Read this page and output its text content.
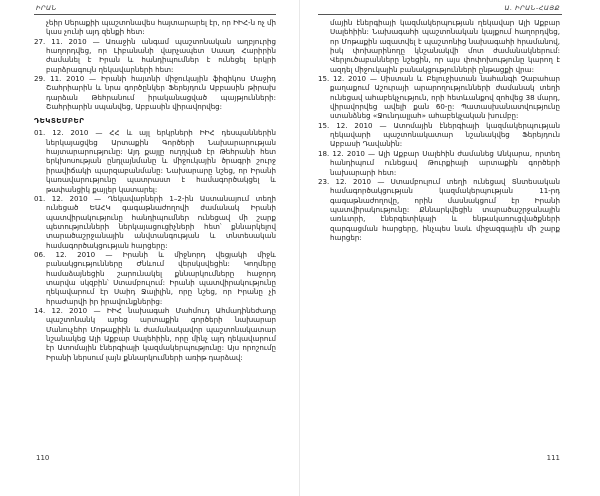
ԻՐԱՆ

չեիր Սերաքիի պաշտոնավես հայտարարել էր, որ ԻԻՀ-ն ոչ մի կաս չունի այդ զենքի հետ:

27. 11. 2010 — Առաջին անգամ պաշտոնական աղբյուրից հաղորդվեց, որ Լիբանանի վարչապետ Սաադ Հարիրին ժամանել է Իրան և հանդիպումներ է ունեցել երկրի բարձրագույն ղեկավարների հետ:

29. 11. 2010 — Իրանի հայտնի միջուկային ֆիզիկոս Մաջիդ Շահրիարին և նրա գործընկեր Ֆերեյդուն Աբբասին թիրախ դարձան Թեհրանում իրականացված պայթյունների: Շահրիարին սպանվեց, Աբբասին վիրավորվեց:

ԴԵԿՏԵՄԲԵՐ

01. 12. 2010 — ՀՀ և այլ երկրների ԻԻՀ դեսպաններին ներկայացվեց Արտաքին Գործերի Նախարարության հայտարարությունը: Այդ քայլը ուղղված էր Թեհրանի հետ երկխոսության ընդլայնմանը և միջուկային ծրագրի շուրջ իրավիճակի պարզաբանմանը: Նախարարը նշեց, որ Իրանի կառավարությունը պատրաստ է համագործակցել և թափանցիկ քայլեր կատարել:

01. 12. 2010 — Ղեկավարների 1–2-ին Աստանայում տեղի ունեցած ԵԱՀԿ գագաթնաժողովի ժամանակ Իրանի պատվիրակությունը հանդիպումներ ունեցավ մի շարք պետությունների ներկայացուցիչների հետ՝ քննարկելով տարածաշրջանային անվտանգության և տնտեսական համագործակցության հարցերը:

06. 12. 2010 — Իրանի և միջնորդ վեցյակի միջև բանակցությունները Ժնևում վերսկսվեցին: Կողմերը համաձայնեցին շարունակել քննարկումները հաջորդ տարվա սկզբին՝ Ստամբուլում: Իրանի պատվիրակությունը ղեկավարում էր Սաիդ Ջալիլին, որը նշեց, որ Իրանը չի հրաժարվի իր իրավունքներից:

14. 12. 2010 — ԻԻՀ նախագահ Մահմուդ Ահմադինեժադը պաշտոնանկ արեց արտաքին գործերի նախարար Մանուչեհր Մոթաքիին և ժամանակավոր պաշտոնակատար նշանակեց Ալի Աքբար Սալեհիին, որը մինչ այդ ղեկավարում էր Ատոմային էներգիայի կազմակերպությունը: Այս որոշումը Իրանի ներսում լայն քննարկումների առիթ դարձավ:

110
Ա. ԻՐԱՆ-ՀԱՅՔ

մային էներգիայի կազմակերպության ղեկավար Ալի Աքբար Սալեհիին: Նախագահի պաշտոնական կայքում հաղորդվեց, որ Մոթաքին ազատվել է պաշտոնից նախագահի հրամանով, իսկ փոխարինողը կնշանակվի մոտ ժամանակներում: Վերլուծաբանները նշեցին, որ այս փոփոխությունը կարող է ազդել միջուկային բանակցությունների ընթացքի վրա:

15. 12. 2010 — Սիստան և Բելուջիստան նահանգի Չաբահար քաղաքում Աշուրայի արարողությունների ժամանակ տեղի ունեցավ ահաբեկչություն, որի հետևանքով զոհվեց 38 մարդ, վիրավորվեց ավելի քան 60-ը: Պատասխանատվությունը ստանձնեց «Ջունդալլահ» ահաբեկչական խումբը:

15. 12. 2010 — Ատոմային էներգիայի կազմակերպության ղեկավարի պաշտոնակատար նշանակվեց Ֆերեյդուն Աբբասի Դավանին:

18. 12. 2010 — Ալի Աքբար Սալեհին ժամանեց Անկարա, որտեղ հանդիպում ունեցավ Թուրքիայի արտաքին գործերի նախարարի հետ:

23. 12. 2010 — Ստամբուլում տեղի ունեցավ Տնտեսական համագործակցության կազմակերպության 11-րդ գագաթնաժողովը, որին մասնակցում էր Իրանի պատվիրակությունը: Քննարկվեցին տարածաշրջանային առևտրի, էներգետիկայի և ենթակառուցվածքների զարգացման հարցերը, ինչպես նաև միջազգային մի շարք հարցեր:

111
